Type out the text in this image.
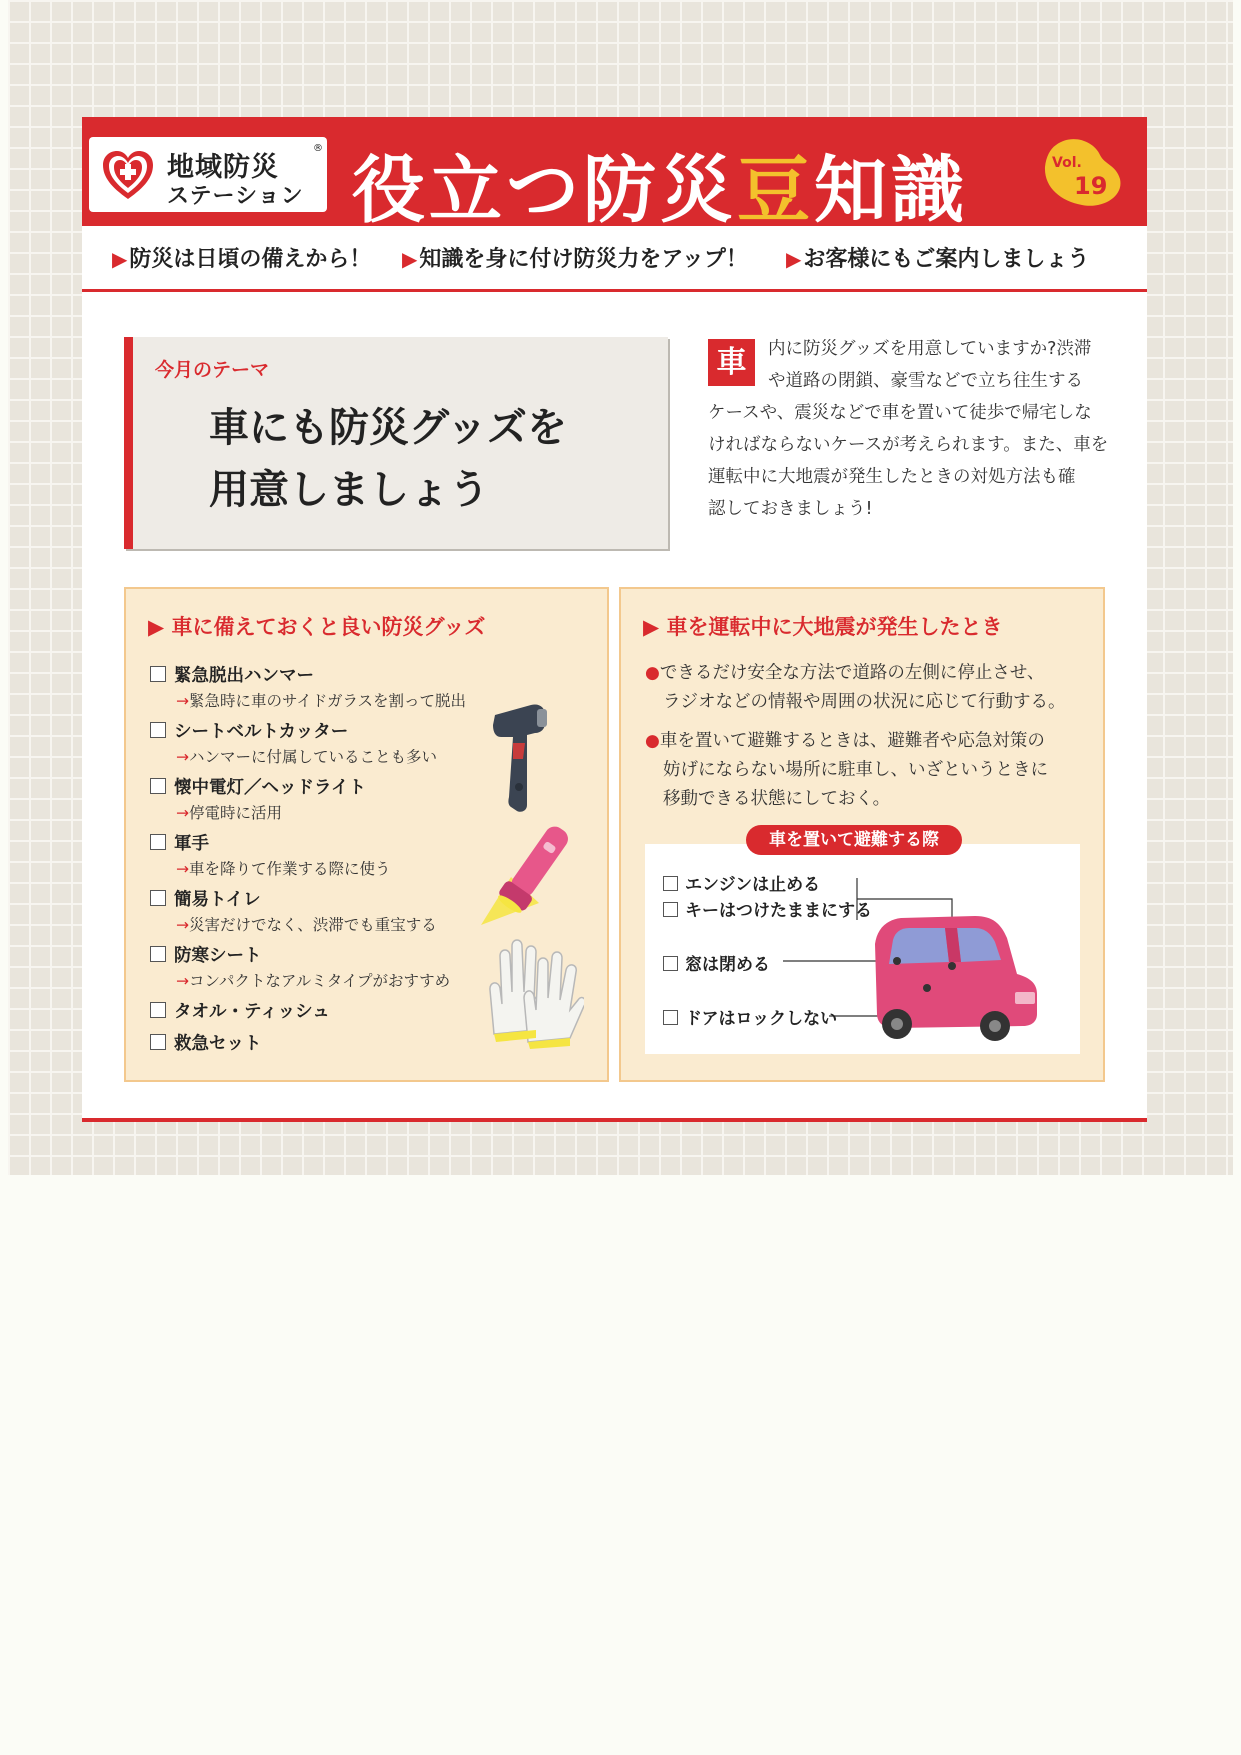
地域防災
®
ステーション 役立つ防災豆知識	Vol.
19
▶防災は日頃の備えから！ ▶知識を身に付け防災力をアップ！ ▶お客様にもご案内しましょう
今月のテーマ
車にも防災グッズを
用意しましょう
車	内に防災グッズを用意していますか?渋滞
や道路の閉鎖、豪雪などで立ち往生する
ケースや、震災などで車を置いて徒歩で帰宅しな
ければならないケースが考えられます。また、車を
運転中に大地震が発生したときの対処方法も確
認しておきましょう!
▶ 車に備えておくと良い防災グッズ
緊急脱出ハンマー
→緊急時に車のサイドガラスを割って脱出
シートベルトカッター
→ハンマーに付属していることも多い
懐中電灯／ヘッドライト
→停電時に活用
軍手
→車を降りて作業する際に使う
簡易トイレ
→災害だけでなく、渋滞でも重宝する
防寒シート
→コンパクトなアルミタイプがおすすめ
タオル・ティッシュ
救急セット
▶ 車を運転中に大地震が発生したとき
●できるだけ安全な方法で道路の左側に停止させ、
ラジオなどの情報や周囲の状況に応じて行動する。
●車を置いて避難するときは、避難者や応急対策の
妨げにならない場所に駐車し、いざというときに
移動できる状態にしておく。
エンジンは止める
キーはつけたままにする
窓は閉める
ドアはロックしない
車を置いて避難する際
